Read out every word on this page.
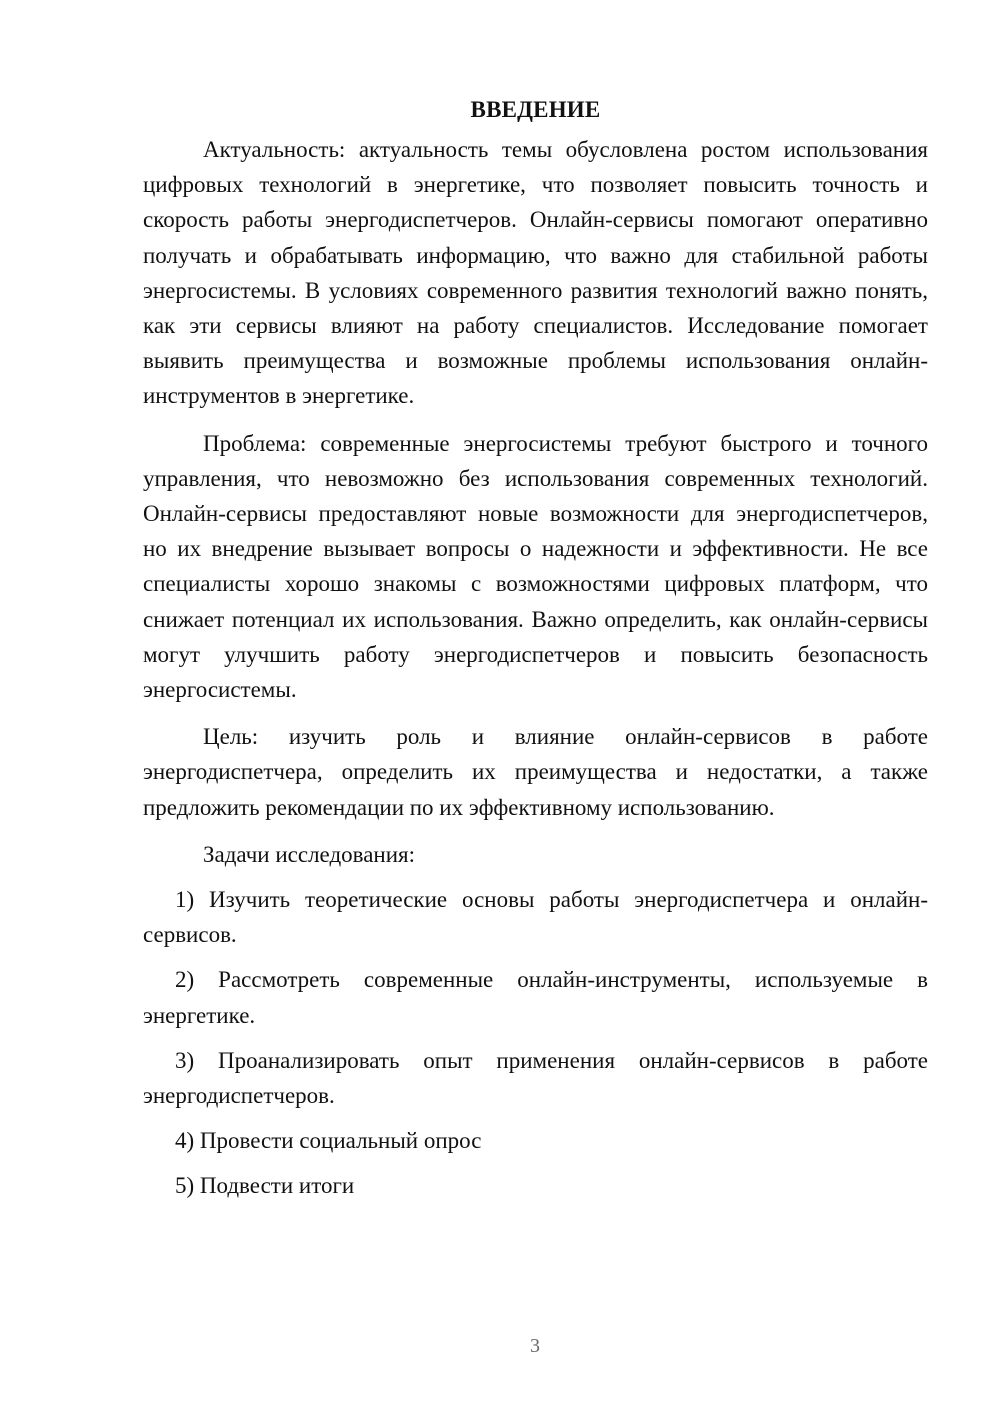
ВВЕДЕНИЕ

Актуальность: актуальность темы обусловлена ростом использования цифровых технологий в энергетике, что позволяет повысить точность и скорость работы энергодиспетчеров. Онлайн-сервисы помогают оперативно получать и обрабатывать информацию, что важно для стабильной работы энергосистемы. В условиях современного развития технологий важно понять, как эти сервисы влияют на работу специалистов. Исследование помогает выявить преимущества и возможные проблемы использования онлайн-инструментов в энергетике.

Проблема: современные энергосистемы требуют быстрого и точного управления, что невозможно без использования современных технологий. Онлайн-сервисы предоставляют новые возможности для энергодиспетчеров, но их внедрение вызывает вопросы о надежности и эффективности. Не все специалисты хорошо знакомы с возможностями цифровых платформ, что снижает потенциал их использования. Важно определить, как онлайн-сервисы могут улучшить работу энергодиспетчеров и повысить безопасность энергосистемы.

Цель: изучить роль и влияние онлайн-сервисов в работе энергодиспетчера, определить их преимущества и недостатки, а также предложить рекомендации по их эффективному использованию.

Задачи исследования:

1) Изучить теоретические основы работы энергодиспетчера и онлайн-сервисов.

2) Рассмотреть современные онлайн-инструменты, используемые в энергетике.

3) Проанализировать опыт применения онлайн-сервисов в работе энергодиспетчеров.

4) Провести социальный опрос

5) Подвести итоги

3
